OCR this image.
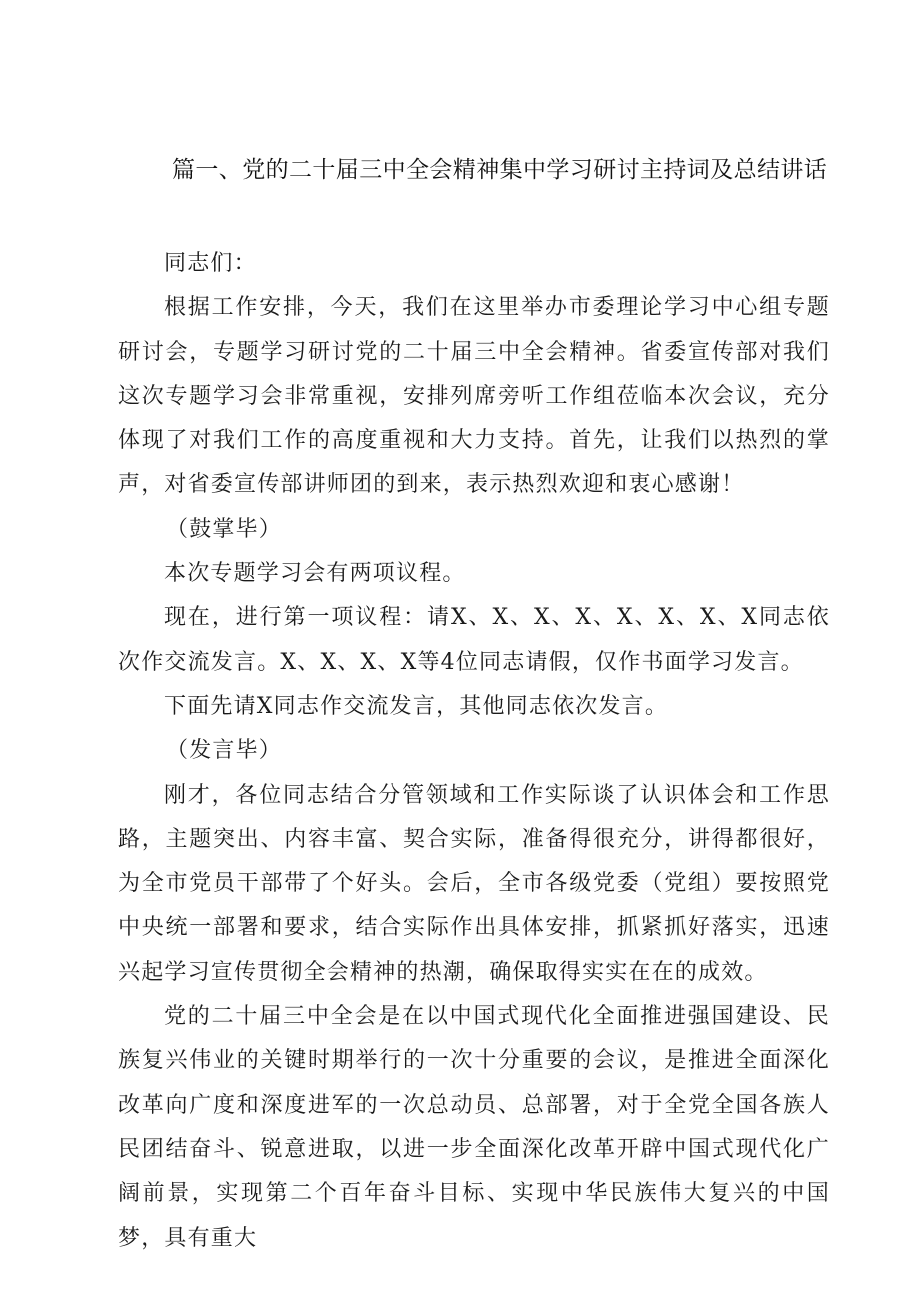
篇一、党的二十届三中全会精神集中学习研讨主持词及总结讲话

同志们：

根据工作安排，今天，我们在这里举办市委理论学习中心组专题研讨会，专题学习研讨党的二十届三中全会精神。省委宣传部对我们这次专题学习会非常重视，安排列席旁听工作组莅临本次会议，充分体现了对我们工作的高度重视和大力支持。首先，让我们以热烈的掌声，对省委宣传部讲师团的到来，表示热烈欢迎和衷心感谢！

（鼓掌毕）

本次专题学习会有两项议程。

现在，进行第一项议程：请X、X、X、X、X、X、X、X同志依次作交流发言。X、X、X、X等4位同志请假，仅作书面学习发言。

下面先请X同志作交流发言，其他同志依次发言。

（发言毕）

刚才，各位同志结合分管领域和工作实际谈了认识体会和工作思路，主题突出、内容丰富、契合实际，准备得很充分，讲得都很好，为全市党员干部带了个好头。会后，全市各级党委（党组）要按照党中央统一部署和要求，结合实际作出具体安排，抓紧抓好落实，迅速兴起学习宣传贯彻全会精神的热潮，确保取得实实在在的成效。

党的二十届三中全会是在以中国式现代化全面推进强国建设、民族复兴伟业的关键时期举行的一次十分重要的会议，是推进全面深化改革向广度和深度进军的一次总动员、总部署，对于全党全国各族人民团结奋斗、锐意进取，以进一步全面深化改革开辟中国式现代化广阔前景，实现第二个百年奋斗目标、实现中华民族伟大复兴的中国梦，具有重大
